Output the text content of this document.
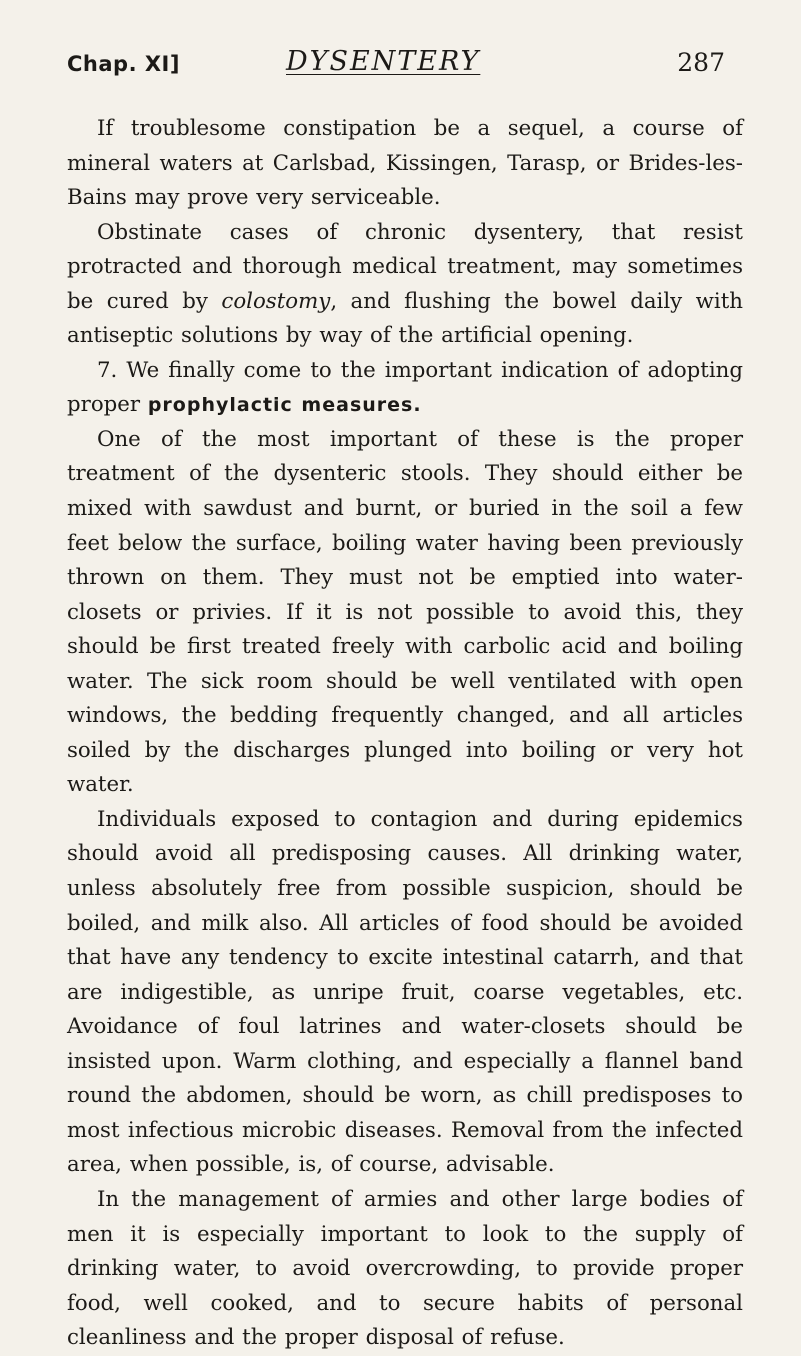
Chap. XI]	DYSENTERY	287

If troublesome constipation be a sequel, a course of mineral waters at Carlsbad, Kissingen, Tarasp, or Brides-les-Bains may prove very serviceable.

Obstinate cases of chronic dysentery, that resist protracted and thorough medical treatment, may sometimes be cured by colostomy, and flushing the bowel daily with antiseptic solutions by way of the artificial opening.

7. We finally come to the important indication of adopting proper prophylactic measures.

One of the most important of these is the proper treatment of the dysenteric stools. They should either be mixed with sawdust and burnt, or buried in the soil a few feet below the surface, boiling water having been previously thrown on them. They must not be emptied into water-closets or privies. If it is not possible to avoid this, they should be first treated freely with carbolic acid and boiling water. The sick room should be well ventilated with open windows, the bedding frequently changed, and all articles soiled by the discharges plunged into boiling or very hot water.

Individuals exposed to contagion and during epidemics should avoid all predisposing causes. All drinking water, unless absolutely free from possible suspicion, should be boiled, and milk also. All articles of food should be avoided that have any tendency to excite intestinal catarrh, and that are indigestible, as unripe fruit, coarse vegetables, etc. Avoidance of foul latrines and water-closets should be insisted upon. Warm clothing, and especially a flannel band round the abdomen, should be worn, as chill predisposes to most infectious microbic diseases. Removal from the infected area, when possible, is, of course, advisable.

In the management of armies and other large bodies of men it is especially important to look to the supply of drinking water, to avoid overcrowding, to provide proper food, well cooked, and to secure habits of personal cleanliness and the proper disposal of refuse.
